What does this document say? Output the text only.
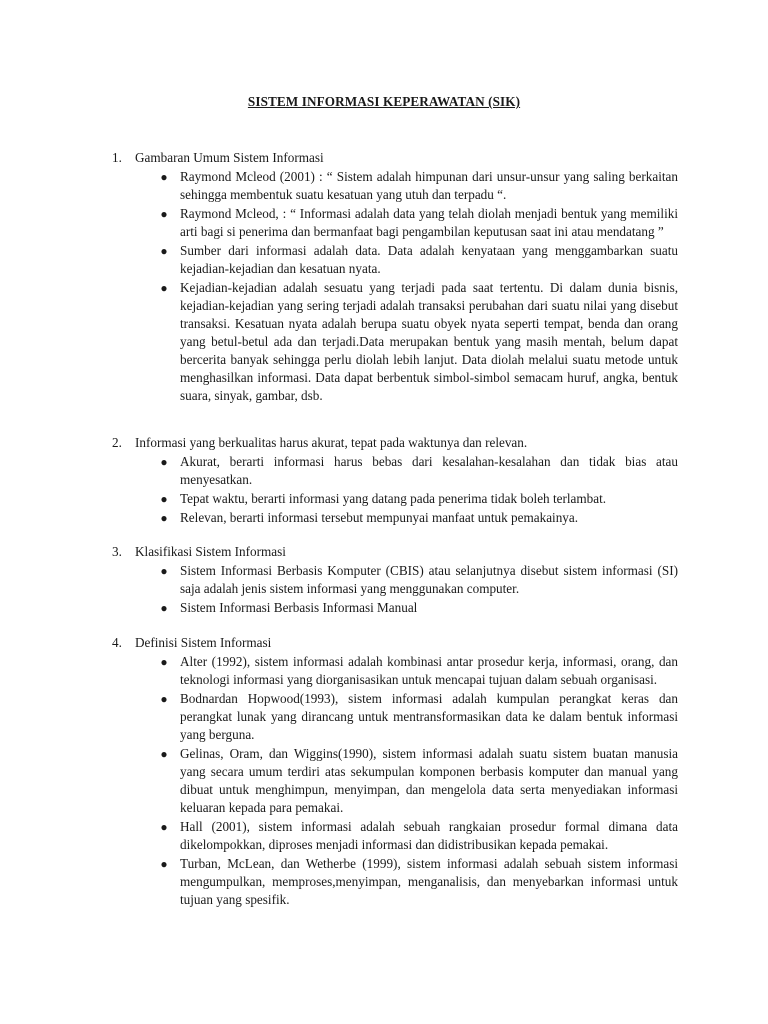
SISTEM INFORMASI KEPERAWATAN (SIK)
1. Gambaran Umum Sistem Informasi
● Raymond Mcleod (2001) : “ Sistem adalah himpunan dari unsur-unsur yang saling berkaitan sehingga membentuk suatu kesatuan yang utuh dan terpadu “.
● Raymond Mcleod, : “ Informasi adalah data yang telah diolah menjadi bentuk yang memiliki arti bagi si penerima dan bermanfaat bagi pengambilan keputusan saat ini atau mendatang ”
● Sumber dari informasi adalah data. Data adalah kenyataan yang menggambarkan suatu kejadian-kejadian dan kesatuan nyata.
● Kejadian-kejadian adalah sesuatu yang terjadi pada saat tertentu. Di dalam dunia bisnis, kejadian-kejadian yang sering terjadi adalah transaksi perubahan dari suatu nilai yang disebut transaksi. Kesatuan nyata adalah berupa suatu obyek nyata seperti tempat, benda dan orang yang betul-betul ada dan terjadi.Data merupakan bentuk yang masih mentah, belum dapat bercerita banyak sehingga perlu diolah lebih lanjut. Data diolah melalui suatu metode untuk menghasilkan informasi. Data dapat berbentuk simbol-simbol semacam huruf, angka, bentuk suara, sinyak, gambar, dsb.
2. Informasi yang berkualitas harus akurat, tepat pada waktunya dan relevan.
● Akurat, berarti informasi harus bebas dari kesalahan-kesalahan dan tidak bias atau menyesatkan.
● Tepat waktu, berarti informasi yang datang pada penerima tidak boleh terlambat.
● Relevan, berarti informasi tersebut mempunyai manfaat untuk pemakainya.
3. Klasifikasi Sistem Informasi
● Sistem Informasi Berbasis Komputer (CBIS) atau selanjutnya disebut sistem informasi (SI) saja adalah jenis sistem informasi yang menggunakan computer.
● Sistem Informasi Berbasis Informasi Manual
4. Definisi Sistem Informasi
● Alter (1992), sistem informasi adalah kombinasi antar prosedur kerja, informasi, orang, dan teknologi informasi yang diorganisasikan untuk mencapai tujuan dalam sebuah organisasi.
● Bodnardan Hopwood(1993), sistem informasi adalah kumpulan perangkat keras dan perangkat lunak yang dirancang untuk mentransformasikan data ke dalam bentuk informasi yang berguna.
● Gelinas, Oram, dan Wiggins(1990), sistem informasi adalah suatu sistem buatan manusia yang secara umum terdiri atas sekumpulan komponen berbasis komputer dan manual yang dibuat untuk menghimpun, menyimpan, dan mengelola data serta menyediakan informasi keluaran kepada para pemakai.
● Hall (2001), sistem informasi adalah sebuah rangkaian prosedur formal dimana data dikelompokkan, diproses menjadi informasi dan didistribusikan kepada pemakai.
● Turban, McLean, dan Wetherbe (1999), sistem informasi adalah sebuah sistem informasi mengumpulkan, memproses,menyimpan, menganalisis, dan menyebarkan informasi untuk tujuan yang spesifik.
